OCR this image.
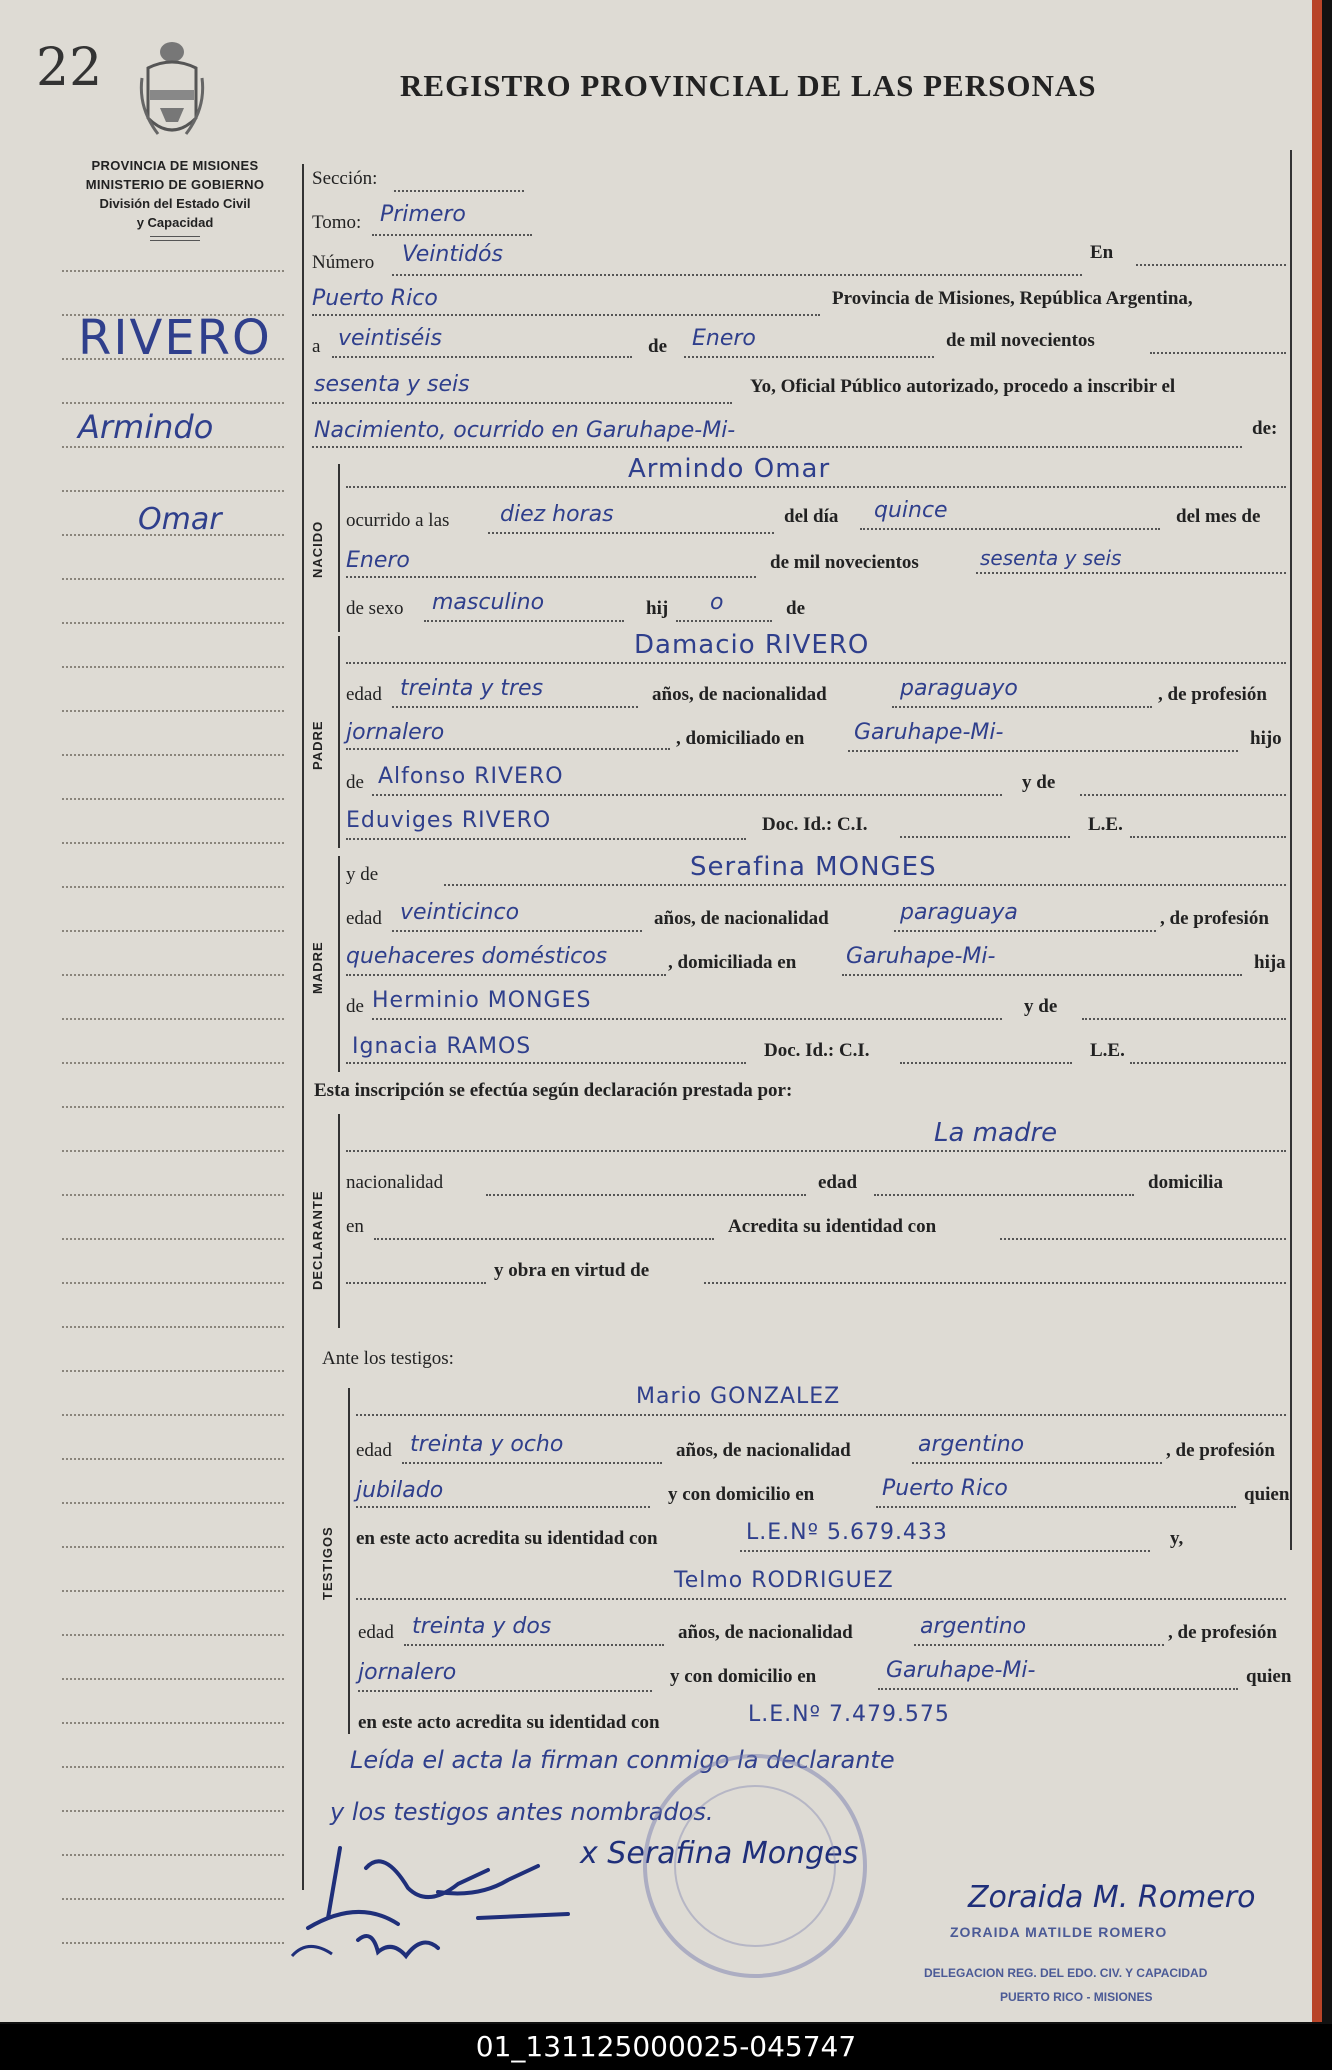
22	REGISTRO PROVINCIAL DE LAS PERSONAS
PROVINCIA DE MISIONES
MINISTERIO DE GOBIERNO
División del Estado Civil
y Capacidad
RIVERO
Armindo
Omar
Sección:
Tomo: Primero
Número Veintidós	En
Puerto Rico	Provincia de Misiones, República Argentina,
a veintiséis	de Enero	de mil novecientos
sesenta y seis	Yo, Oficial Público autorizado, procedo a inscribir el
Nacimiento, ocurrido en Garuhape-Mi-	de:
NACIDO
Armindo Omar
ocurrido a las diez horas	del día quince	del mes de
Enero	de mil novecientos	sesenta y seis
de sexo masculino	hij o	de
PADRE
Damacio RIVERO
edad treinta y tres	años, de nacionalidad	paraguayo	, de profesión
jornalero	, domiciliado en Garuhape-Mi-	hijo
de Alfonso RIVERO	y de
Eduviges RIVERO	Doc. Id.: C.I.	L.E.
MADRE
y de	Serafina MONGES
edad veinticinco	años, de nacionalidad	paraguaya	, de profesión
quehaceres domésticos	, domiciliada en Garuhape-Mi-	hija
de Herminio MONGES	y de
Ignacia RAMOS	Doc. Id.: C.I.	L.E.
Esta inscripción se efectúa según declaración prestada por:
DECLARANTE
La madre
nacionalidad	edad	domicilia
en	Acredita su identidad con
y obra en virtud de
Ante los testigos:
TESTIGOS
Mario GONZALEZ
edad treinta y ocho	años, de nacionalidad	argentino	, de profesión
jubilado	y con domicilio en	Puerto Rico	quien
en este acto acredita su identidad con	L.E.Nº 5.679.433	y,
Telmo RODRIGUEZ
edad treinta y dos	años, de nacionalidad	argentino	, de profesión
jornalero	y con domicilio en	Garuhape-Mi-	quien
en este acto acredita su identidad con	L.E.Nº 7.479.575
Leída el acta la firman conmigo la declarante
y los testigos antes nombrados.
x Serafina Monges
Zoraida M. Romero
ZORAIDA MATILDE ROMERO
DELEGACION REG. DEL EDO. CIV. Y CAPACIDAD
PUERTO RICO - MISIONES
01_131125000025-045747
